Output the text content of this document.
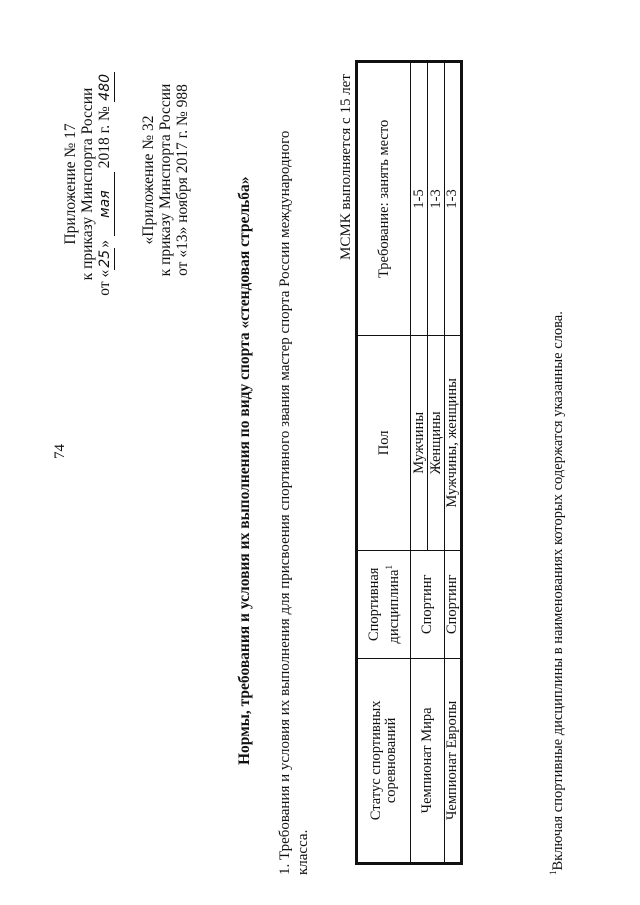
74
Приложение № 17 к приказу Минспорта России
от «25» мая 2018 г. № 480
«Приложение № 32 к приказу Минспорта России от «13» ноября 2017 г. № 988	Нормы, требования и условия их выполнения по виду спорта «стендовая стрельба» 1. Требования и условия их выполнения для присвоения спортивного звания мастер спорта России международного класса.
МСМК выполняется с 15 лет
Статус спортивных соревнований	Спортивная дисциплина$^1$	Пол	Требование: занять место
Чемпионат Мира	Спортинг	Мужчины	1-5
		Женщины	1-3
Чемпионат Европы	Спортинг	Мужчины, женщины	1-3
$^1$Включая спортивные дисциплины в наименованиях которых содержатся указанные слова.
